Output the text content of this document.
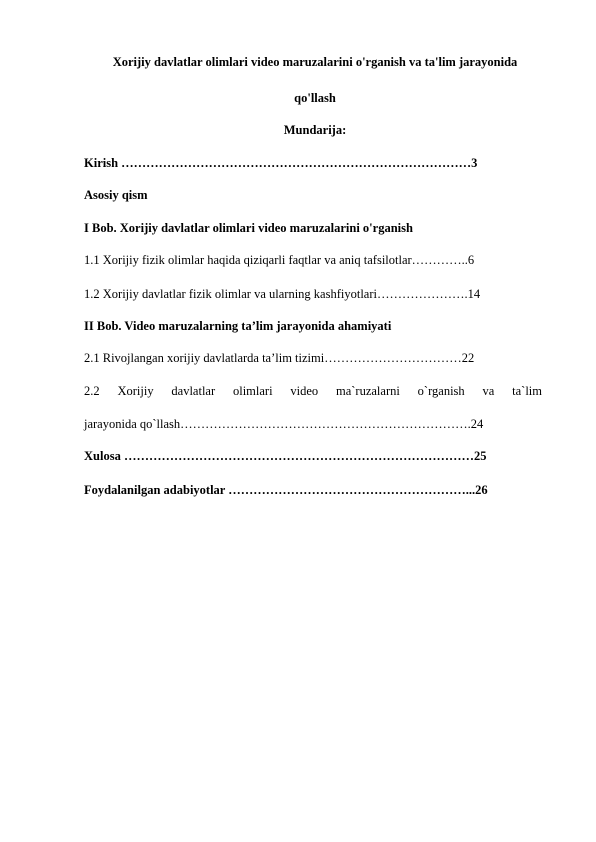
Xorijiy davlatlar olimlari video maruzalarini o'rganish va ta'lim jarayonida
qo'llash
Mundarija:
Kirish …………………………………………………………………………3
Asosiy qism
I Bob. Xorijiy davlatlar olimlari video maruzalarini o'rganish
1.1 Xorijiy fizik olimlar haqida qiziqarli faqtlar va aniq tafsilotlar…………..6
1.2 Xorijiy davlatlar fizik olimlar va ularning kashfiyotlari………………….14
II Bob. Video maruzalarning ta’lim jarayonida ahamiyati
2.1 Rivojlangan xorijiy davlatlarda ta’lim tizimi……………………………22
2.2 Xorijiy davlatlar olimlari video ma`ruzalarni o`rganish va ta`lim
jarayonida qo`llash…………………………………………………………….24
Xulosa …………………………………………………………………………25
Foydalanilgan adabiyotlar …………………………………………………...26
